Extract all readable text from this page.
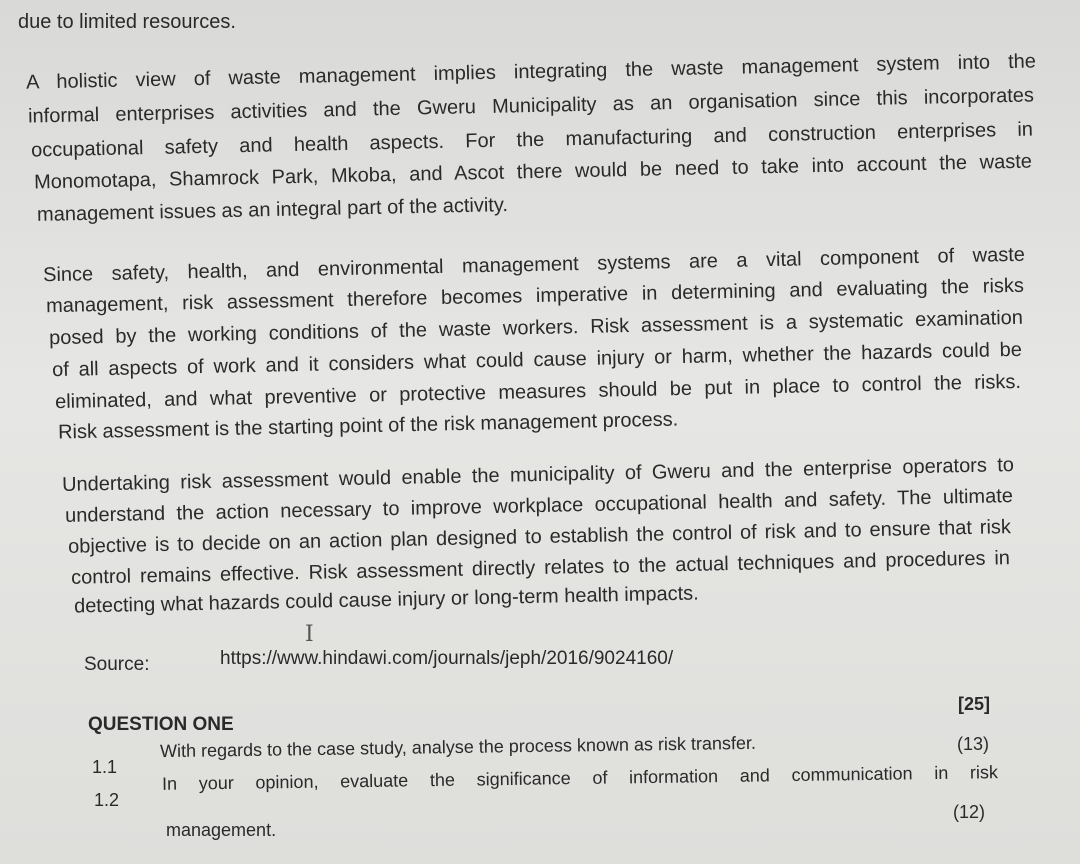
due to limited resources.
A holistic view of waste management implies integrating the waste management system into the
informal enterprises activities and the Gweru Municipality as an organisation since this incorporates
occupational safety and health aspects. For the manufacturing and construction enterprises in
Monomotapa, Shamrock Park, Mkoba, and Ascot there would be need to take into account the waste
management issues as an integral part of the activity.
Since safety, health, and environmental management systems are a vital component of waste
management, risk assessment therefore becomes imperative in determining and evaluating the risks
posed by the working conditions of the waste workers. Risk assessment is a systematic examination
of all aspects of work and it considers what could cause injury or harm, whether the hazards could be
eliminated, and what preventive or protective measures should be put in place to control the risks.
Risk assessment is the starting point of the risk management process.
Undertaking risk assessment would enable the municipality of Gweru and the enterprise operators to
understand the action necessary to improve workplace occupational health and safety. The ultimate
objective is to decide on an action plan designed to establish the control of risk and to ensure that risk
control remains effective. Risk assessment directly relates to the actual techniques and procedures in
detecting what hazards could cause injury or long-term health impacts.
I
Source:	https://www.hindawi.com/journals/jeph/2016/9024160/
QUESTION ONE
[25]
1.1
With regards to the case study, analyse the process known as risk transfer.	(13)
1.2
In your opinion, evaluate the significance of information and communication in risk
management.
(12)
